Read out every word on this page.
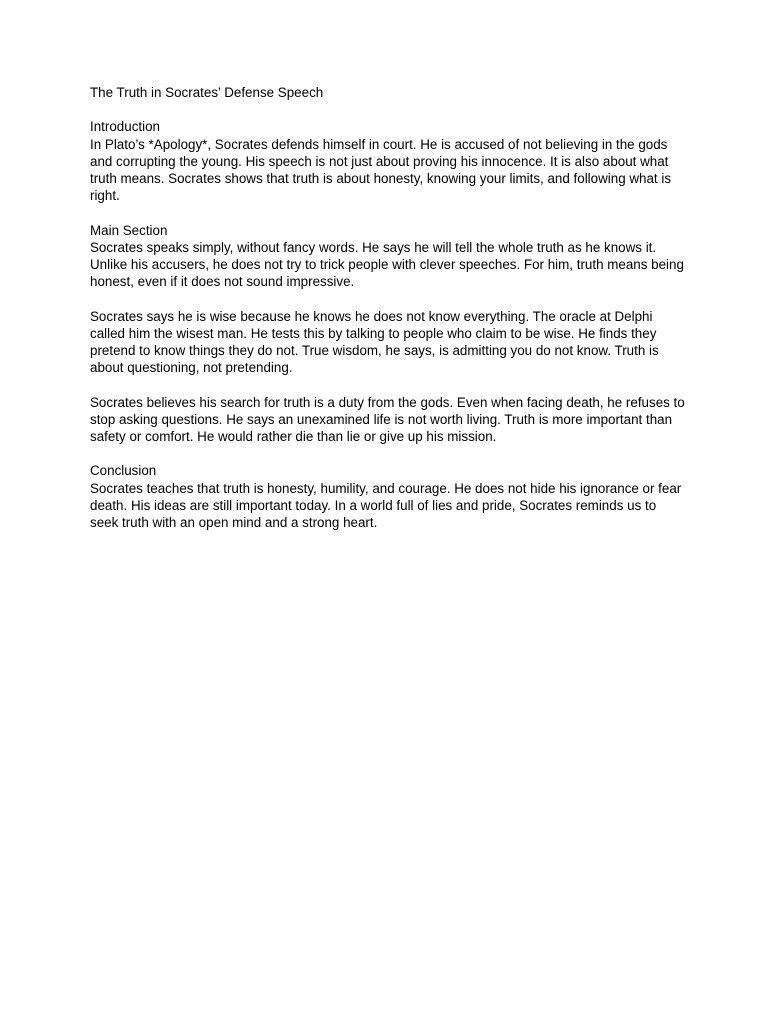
The Truth in Socrates’ Defense Speech

Introduction

In Plato’s *Apology*, Socrates defends himself in court. He is accused of not believing in the gods and corrupting the young. His speech is not just about proving his innocence. It is also about what truth means. Socrates shows that truth is about honesty, knowing your limits, and following what is right.

Main Section

Socrates speaks simply, without fancy words. He says he will tell the whole truth as he knows it. Unlike his accusers, he does not try to trick people with clever speeches. For him, truth means being honest, even if it does not sound impressive.

Socrates says he is wise because he knows he does not know everything. The oracle at Delphi called him the wisest man. He tests this by talking to people who claim to be wise. He finds they pretend to know things they do not. True wisdom, he says, is admitting you do not know. Truth is about questioning, not pretending.

Socrates believes his search for truth is a duty from the gods. Even when facing death, he refuses to stop asking questions. He says an unexamined life is not worth living. Truth is more important than safety or comfort. He would rather die than lie or give up his mission.

Conclusion

Socrates teaches that truth is honesty, humility, and courage. He does not hide his ignorance or fear death. His ideas are still important today. In a world full of lies and pride, Socrates reminds us to seek truth with an open mind and a strong heart.
